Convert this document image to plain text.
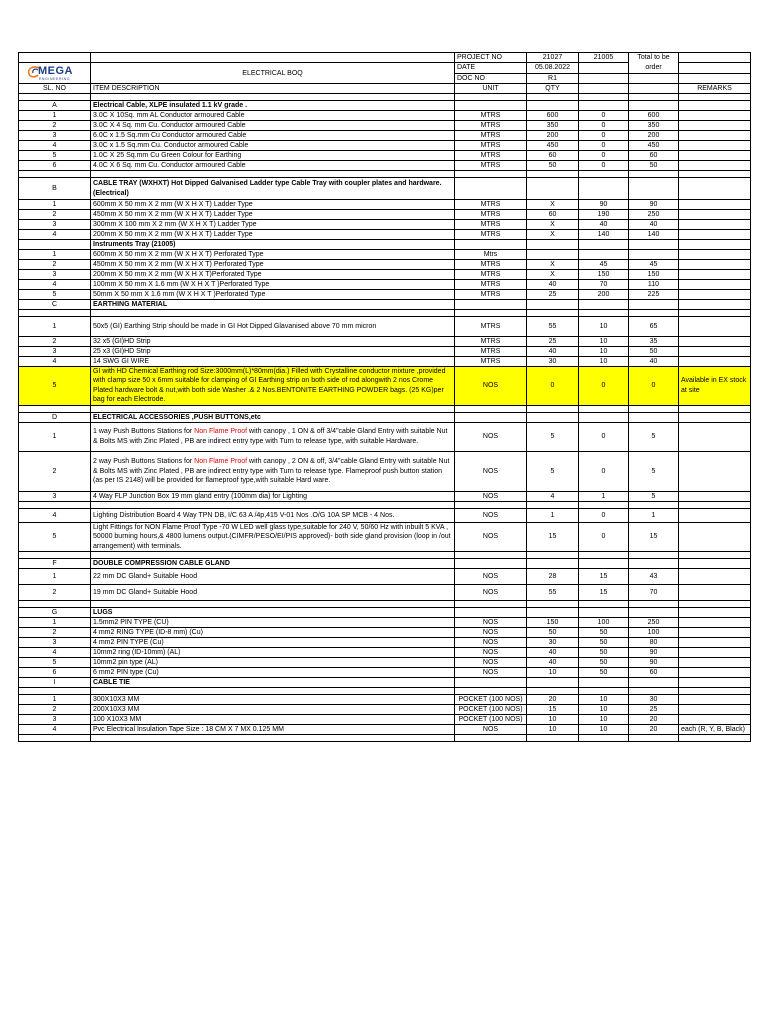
		PROJECT NO	21027	21005	Total to be order	

MEGA
ENGINEERING	ELECTRICAL BOQ	DATE	05.08.2022			
		DOC NO	R1			
SL. NO	ITEM DESCRIPTION	UNIT	QTY			REMARKS

A	Electrical Cable, XLPE insulated 1.1 kV grade .					
1	3.0C X 10Sq. mm AL Conductor armoured Cable	MTRS	600	0	600	
2	3.0C X 4 Sq. mm Cu. Conductor armoured Cable	MTRS	350	0	350	
3	6.0C x 1.5 Sq.mm Cu Conductor armoured Cable	MTRS	200	0	200	
4	3.0C x 1.5 Sq.mm Cu. Conductor armoured Cable	MTRS	450	0	450	
5	1.0C X 25 Sq.mm Cu Green Colour for Earthing	MTRS	60	0	60	
6	4.0C X 6 Sq. mm Cu. Conductor armoured Cable	MTRS	50	0	50	

B	CABLE TRAY (WXHXT) Hot Dipped Galvanised Ladder type Cable Tray with coupler plates and hardware.(Electrical)					
1	600mm X 50 mm X 2 mm (W X H X T) Ladder Type	MTRS	X	90	90	
2	450mm X 50 mm X 2 mm (W X H X T) Ladder Type	MTRS	60	190	250	
3	300mm X 100 mm X 2 mm (W X H X T) Ladder Type	MTRS	X	40	40	
4	200mm X 50 mm X 2 mm (W X H X T) Ladder Type	MTRS	X	140	140	
	Instruments Tray (21005)					
1	600mm X 50 mm X 2 mm (W X H X T) Perforated Type	Mtrs				
2	450mm X 50 mm X 2 mm (W X H X T) Perforated Type	MTRS	X	45	45	
3	200mm X 50 mm X 2 mm (W X H X T)Perforated Type	MTRS	X	150	150	
4	100mm X 50 mm X 1.6 mm (W X H X T )Perforated Type	MTRS	40	70	110	
5	50mm X 50 mm X 1.6 mm (W X H X T )Perforated Type	MTRS	25	200	225	
C	EARTHING MATERIAL					

1	50x5 (GI) Earthing Strip should be made in GI Hot Dipped Glavanised above 70 mm micron	MTRS	55	10	65	
2	32 x5 (GI)HD Strip	MTRS	25	10	35	
3	25 x3 (GI)HD Strip	MTRS	40	10	50	
4	14 SWG GI WIRE	MTRS	30	10	40	
5	GI with HD Chemical Earthing rod Size:3000mm(L)*80mm(dia.) Filled with Crystalline conductor mixture ,provided with clamp size 50 x 6mm suitable for clamping of GI Earthing strip on both side of rod alongwith 2 nos Crome Plated hardware bolt & nut,with both side Washer .& 2 Nos.BENTONITE EARTHING POWDER bags. (25 KG)per bag for each Electrode.	NOS	0	0	0	Available in EX stock at site

D	ELECTRICAL ACCESSORIES ,PUSH BUTTONS,etc					
1	1 way Push Buttons Stations for Non Flame Proof with canopy , 1 ON & off 3/4"cable Gland Entry with suitable Nut & Bolts MS with Zinc Plated , PB are indirect entry type with Turn to release type, with suitable Hardware.	NOS	5	0	5	
2	2 way Push Buttons Stations for Non Flame Proof with canopy , 2 ON & off, 3/4"cable Gland Entry with suitable Nut & Bolts MS with Zinc Plated , PB are indirect entry type with Turn to release type. Flameproof push button station (as per IS 2148) will be provided for flameproof type,with suitable Hard ware.	NOS	5	0	5	
3	4 Way FLP Junction Box 19 mm gland entry (100mm dia) for Lighting	NOS	4	1	5	

4	Lighting Distribution Board 4 Way TPN DB, I/C 63 A /4p,415 V-01 Nos .O/G 10A SP MCB - 4 Nos.	NOS	1	0	1	
5	Light Fittings for NON Flame Proof Type -70 W LED well glass type,suitable for 240 V, 50/60 Hz with inbuilt 5 KVA , 50000 burning hours,& 4800 lumens output.(CIMFR/PESO/EI/PIS approved)- both side gland provision (loop in /out arrangement) with terminals.	NOS	15	0	15	

F	DOUBLE COMPRESSION CABLE GLAND					
1	22 mm DC Gland+ Suitable Hood	NOS	28	15	43	
2	19 mm DC Gland+ Suitable Hood	NOS	55	15	70	

G	LUGS					
1	1.5mm2 PIN TYPE (CU)	NOS	150	100	250	
2	4 mm2 RING TYPE (ID-8 mm) (Cu)	NOS	50	50	100	
3	4 mm2 PIN TYPE (Cu)	NOS	30	50	80	
4	10mm2 ring (ID-10mm) (AL)	NOS	40	50	90	
5	10mm2 pin type (AL)	NOS	40	50	90	
6	6 mm2 PIN type (Cu)	NOS	10	50	60	
I	CABLE TIE					

1	300X10X3 MM	POCKET (100 NOS)	20	10	30	
2	200X10X3 MM	POCKET (100 NOS)	15	10	25	
3	100 X10X3 MM	POCKET (100 NOS)	10	10	20	
4	Pvc Electrical Insulation Tape Size : 18 CM X 7 MX 0.125 MM	NOS	10	10	20	each (R, Y, B, Black)
